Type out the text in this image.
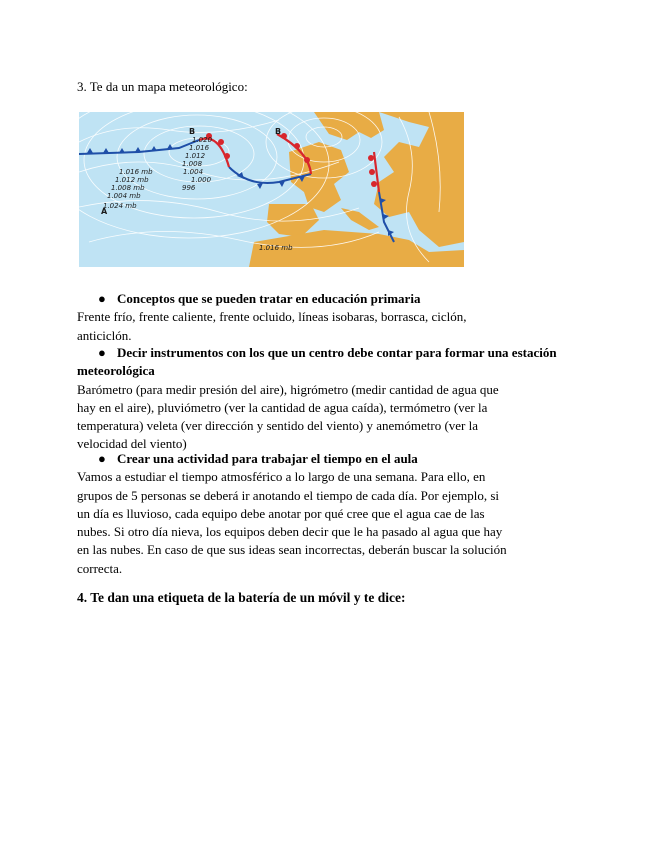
3. Te da un mapa meteorológico:
1.020
1.016
1.012
1.008
1.004
1.000
996
1.016 mb
1.012 mb
1.008 mb
1.004 mb
1.024 mb
1.016 mb
B	B
A
● Conceptos que se pueden tratar en educación primaria
Frente frío, frente caliente, frente ocluido, líneas isobaras, borrasca, ciclón,
anticiclón.
● Decir instrumentos con los que un centro debe contar para formar una estación
meteorológica
Barómetro (para medir presión del aire), higrómetro (medir cantidad de agua que
hay en el aire), pluviómetro (ver la cantidad de agua caída), termómetro (ver la
temperatura) veleta (ver dirección y sentido del viento) y anemómetro (ver la
velocidad del viento)
● Crear una actividad para trabajar el tiempo en el aula
Vamos a estudiar el tiempo atmosférico a lo largo de una semana. Para ello, en
grupos de 5 personas se deberá ir anotando el tiempo de cada día. Por ejemplo, si
un día es lluvioso, cada equipo debe anotar por qué cree que el agua cae de las
nubes. Si otro día nieva, los equipos deben decir que le ha pasado al agua que hay
en las nubes. En caso de que sus ideas sean incorrectas, deberán buscar la solución
correcta.
4. Te dan una etiqueta de la batería de un móvil y te dice:
